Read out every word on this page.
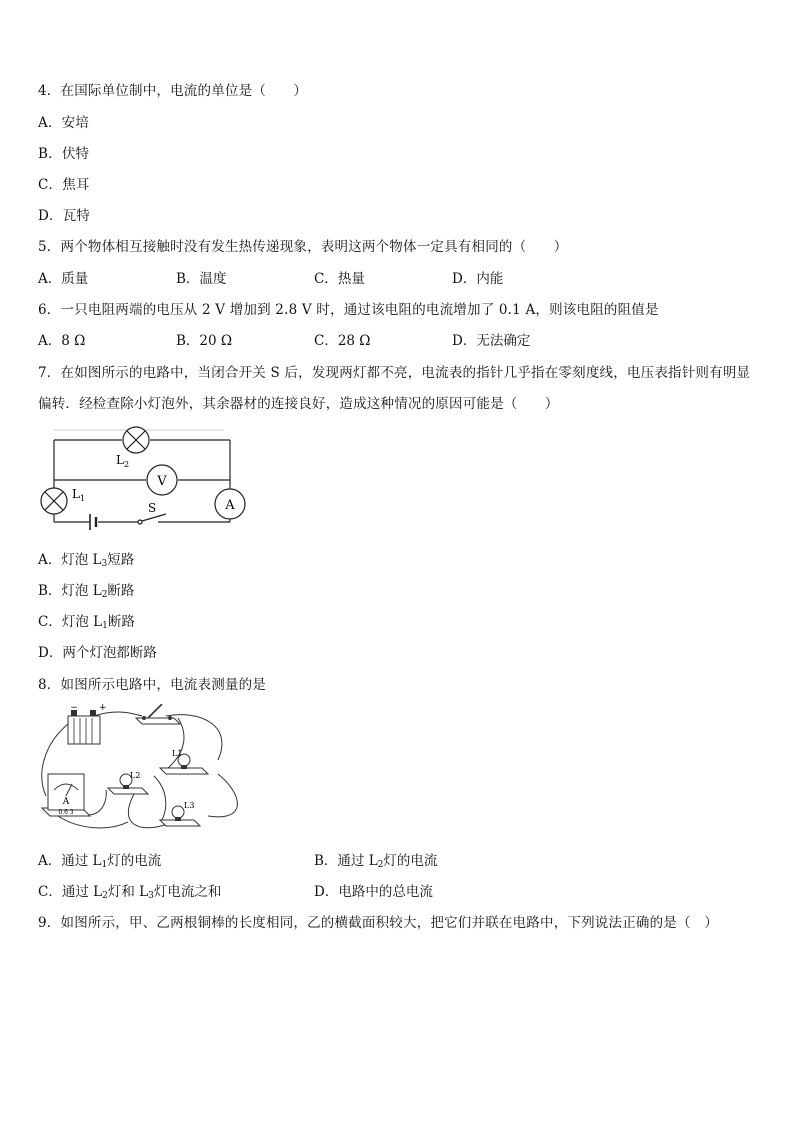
4．在国际单位制中，电流的单位是（　　）
A．安培
B．伏特
C．焦耳
D．瓦特
5．两个物体相互接触时没有发生热传递现象，表明这两个物体一定具有相同的（　　）
A．质量	B．温度	C．热量	D．内能
6．一只电阻两端的电压从 2 V 增加到 2.8 V 时，通过该电阻的电流增加了 0.1 A，则该电阻的阻值是
A．8 Ω	B．20 Ω	C．28 Ω	D．无法确定
7．在如图所示的电路中，当闭合开关 S 后，发现两灯都不亮，电流表的指针几乎指在零刻度线，电压表指针则有明显
偏转．经检查除小灯泡外，其余器材的连接良好，造成这种情况的原因可能是（　　）
$L_2$
V
$L_1$
S	A
A．灯泡 $L_3$短路
B．灯泡 $L_2$断路
C．灯泡 $L_1$断路
D．两个灯泡都断路
8．如图所示电路中，电流表测量的是
− +
L1
L2
L3
A
0.6 3
A．通过 $L_1$灯的电流	B．通过 $L_2$灯的电流
C．通过 $L_2$灯和 $L_3$灯电流之和	D．电路中的总电流
9．如图所示，甲、乙两根铜棒的长度相同，乙的横截面积较大，把它们并联在电路中，下列说法正确的是（　）
